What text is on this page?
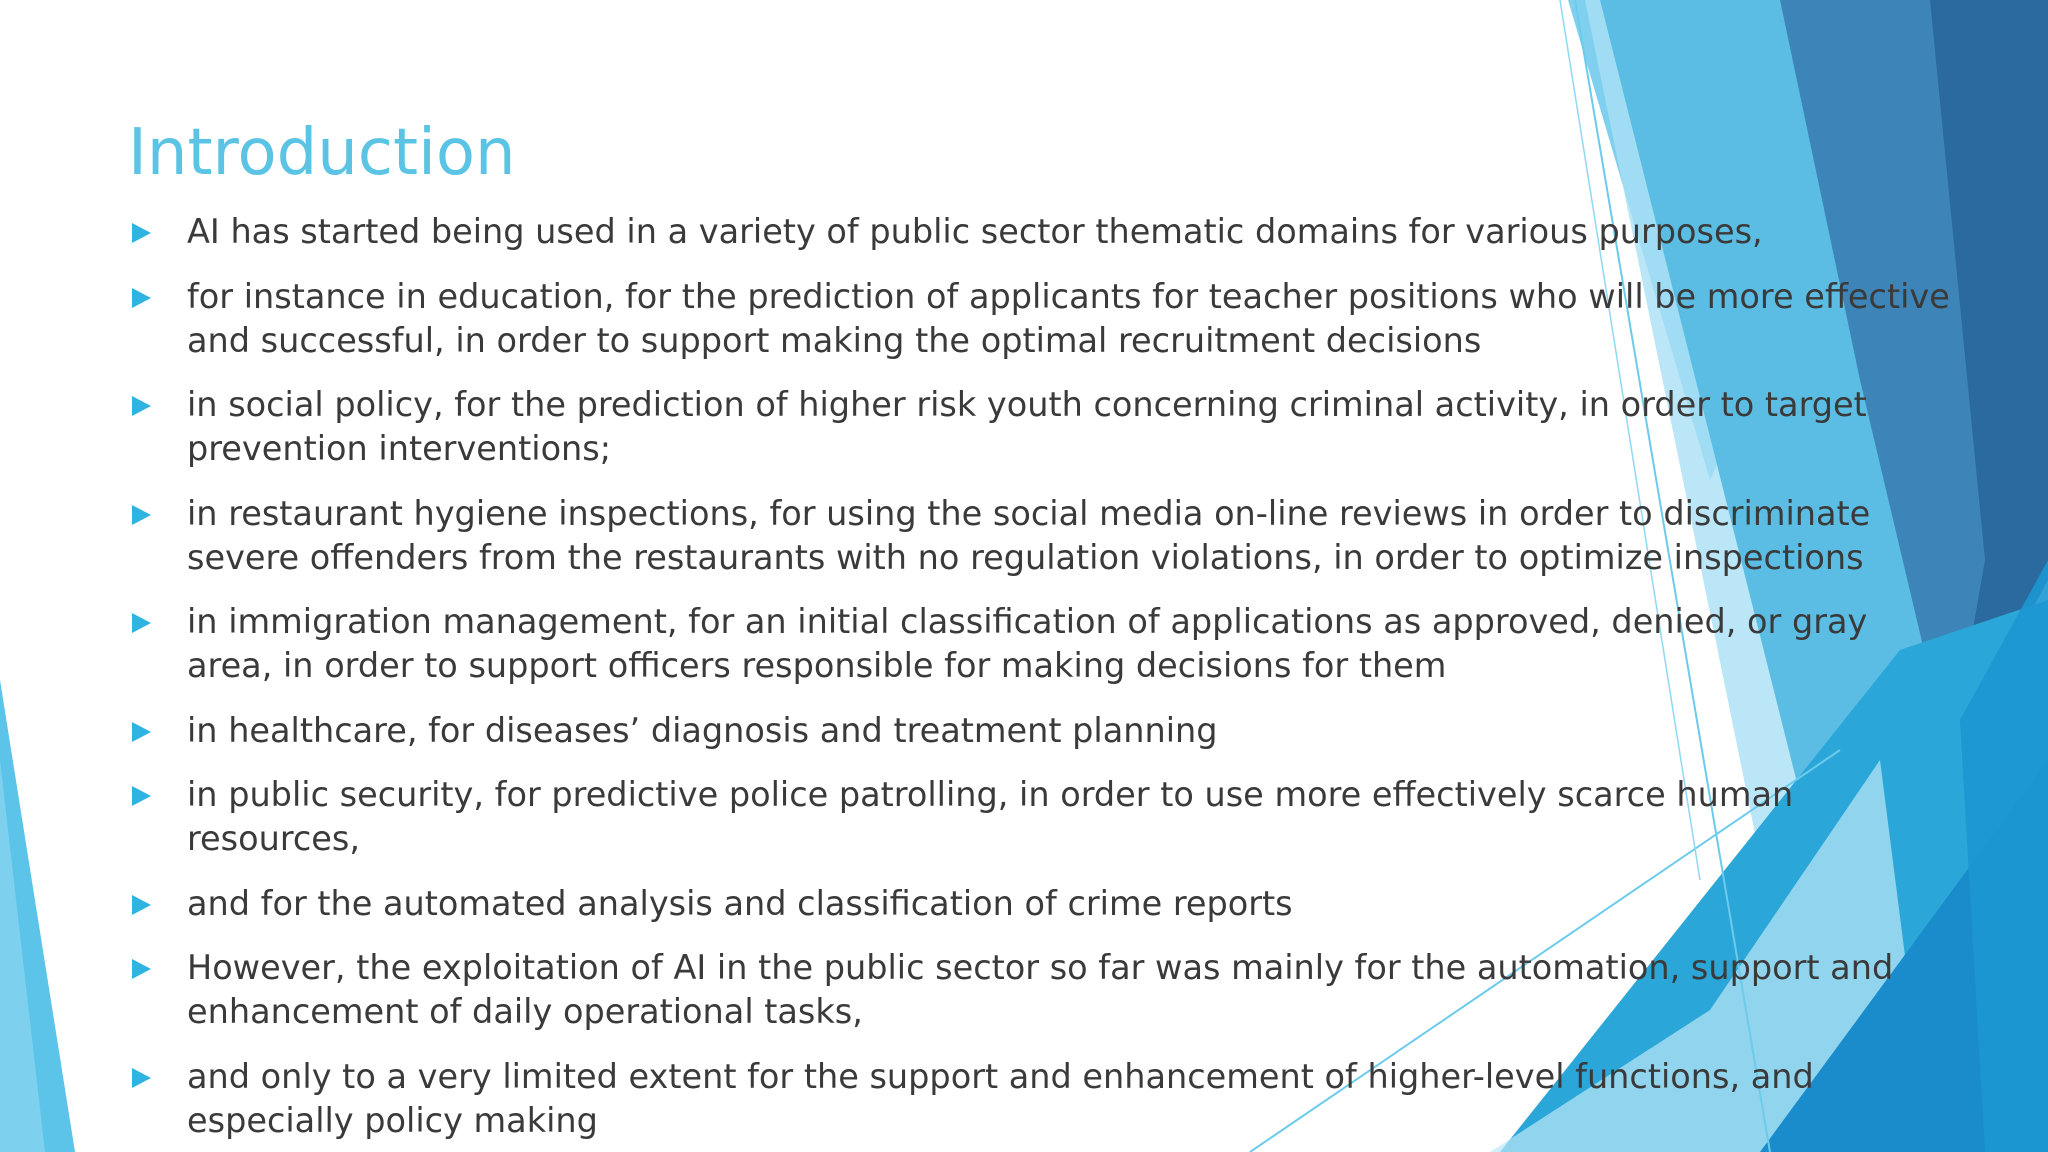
Introduction
AI has started being used in a variety of public sector thematic domains for various purposes,
for instance in education, for the prediction of applicants for teacher positions who will be more effective and successful, in order to support making the optimal recruitment decisions
in social policy, for the prediction of higher risk youth concerning criminal activity, in order to target prevention interventions;
in restaurant hygiene inspections, for using the social media on-line reviews in order to discriminate severe offenders from the restaurants with no regulation violations, in order to optimize inspections
in immigration management, for an initial classification of applications as approved, denied, or gray area, in order to support officers responsible for making decisions for them
in healthcare, for diseases’ diagnosis and treatment planning
in public security, for predictive police patrolling, in order to use more effectively scarce human resources,
and for the automated analysis and classification of crime reports
However, the exploitation of AI in the public sector so far was mainly for the automation, support and enhancement of daily operational tasks,
and only to a very limited extent for the support and enhancement of higher-level functions, and especially policy making
